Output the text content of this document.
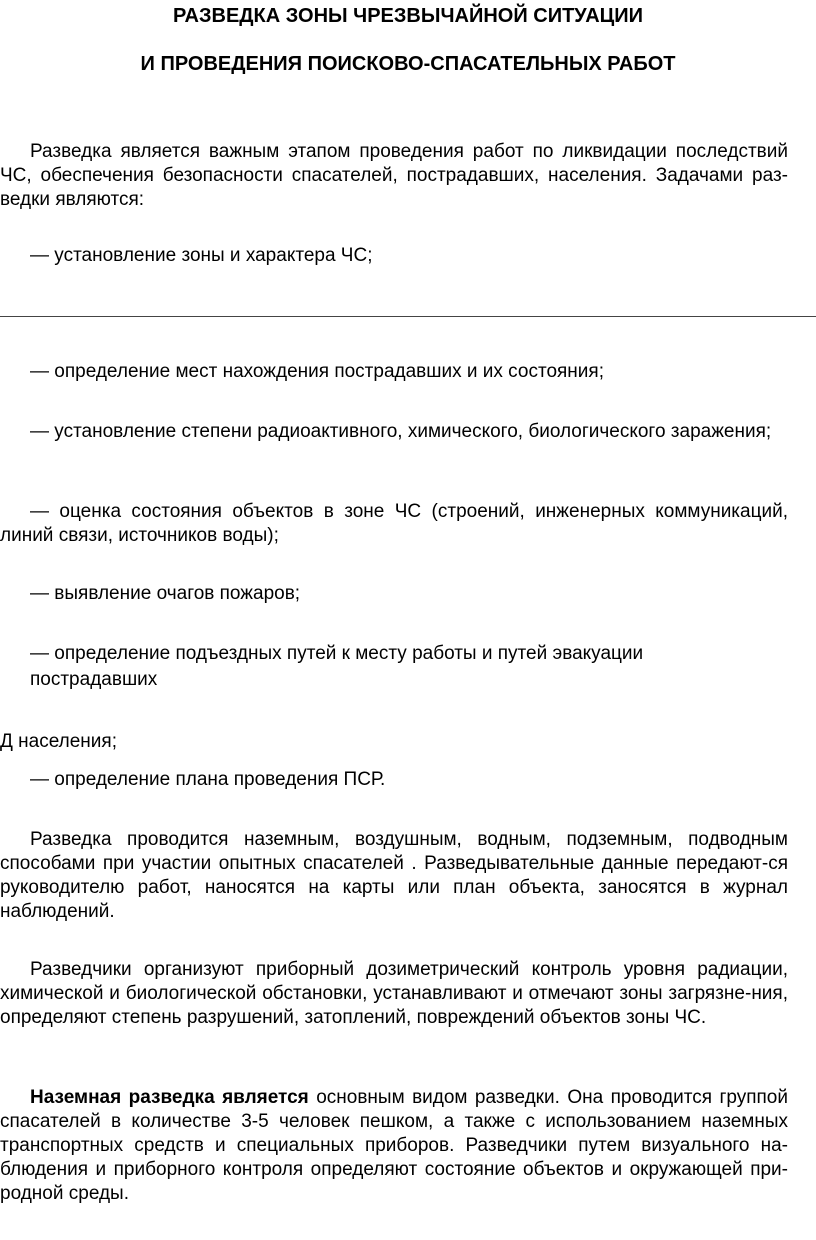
РАЗВЕДКА ЗОНЫ ЧРЕЗВЫЧАЙНОЙ СИТУАЦИИ
И ПРОВЕДЕНИЯ ПОИСКОВО-СПАСАТЕЛЬНЫХ РАБОТ

Разведка является важным этапом проведения работ по ликвидации последствий ЧС, обеспечения безопасности спасателей, пострадавших, населения. Задачами раз-ведки являются:

— установление зоны и характера ЧС;

— определение мест нахождения пострадавших и их состояния;

— установление степени радиоактивного, химического, биологического заражения;

— оценка состояния объектов в зоне ЧС (строений, инженерных коммуникаций, линий связи, источников воды);

— выявление очагов пожаров;

— определение подъездных путей к месту работы и путей эвакуации

пострадавших

Д населения;

— определение плана проведения ПСР.

Разведка проводится наземным, воздушным, водным, подземным, подводным способами при участии опытных спасателей . Разведывательные данные передают-ся руководителю работ, наносятся на карты или план объекта, заносятся в журнал наблюдений.

Разведчики организуют приборный дозиметрический контроль уровня радиации, химической и биологической обстановки, устанавливают и отмечают зоны загрязне-ния, определяют степень разрушений, затоплений, повреждений объектов зоны ЧС.

Наземная разведка является основным видом разведки. Она проводится группой спасателей в количестве 3-5 человек пешком, а также с использованием наземных транспортных средств и специальных приборов. Разведчики путем визуального на-блюдения и приборного контроля определяют состояние объектов и окружающей при-родной среды.
